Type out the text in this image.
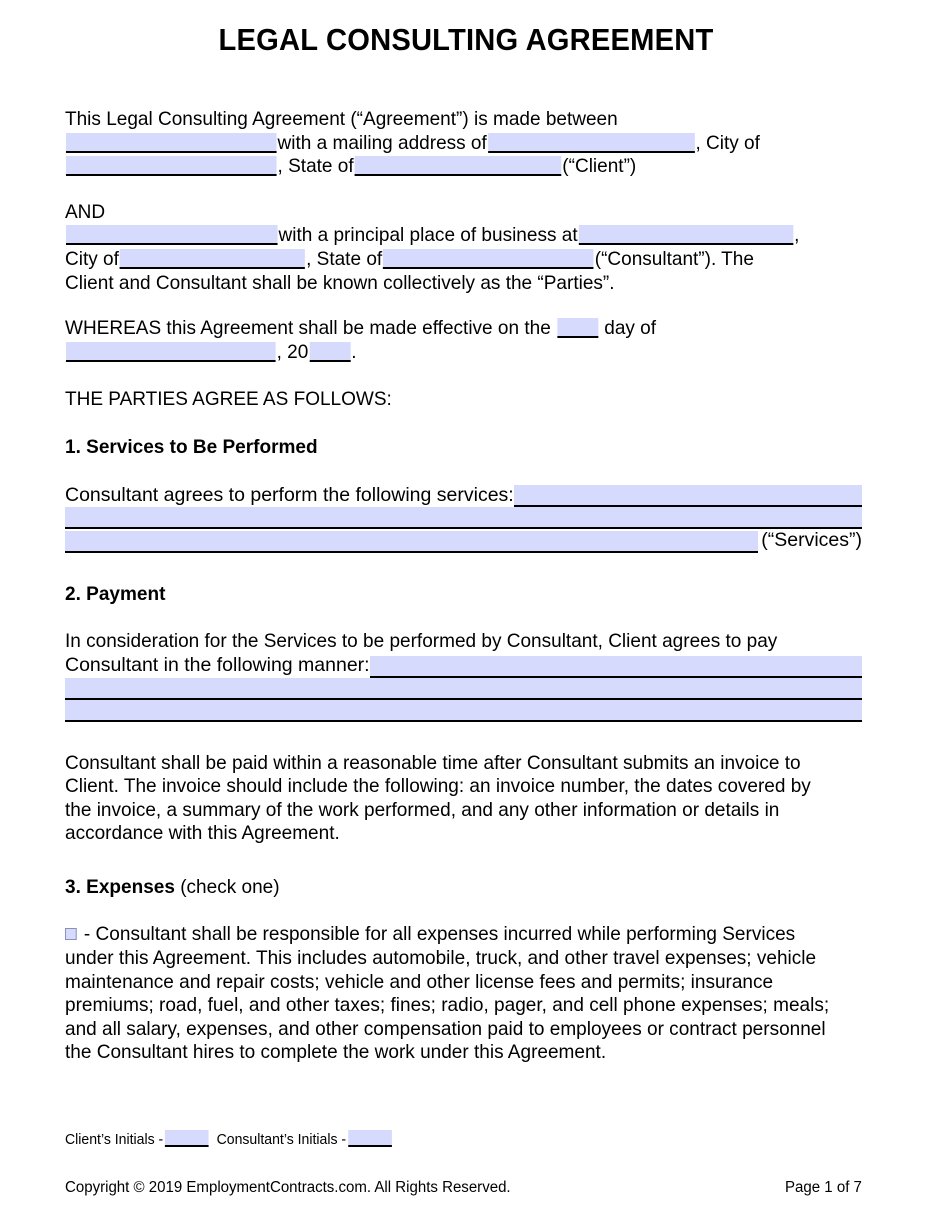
LEGAL CONSULTING AGREEMENT
This Legal Consulting Agreement (“Agreement”) is made between
with a mailing address of	, City of
, State of	(“Client”)
AND
with a principal place of business at	,
City of	, State of	(“Consultant”). The
Client and Consultant shall be known collectively as the “Parties”.
WHEREAS this Agreement shall be made effective on the	day of
, 20 .
THE PARTIES AGREE AS FOLLOWS:
1. Services to Be Performed
Consultant agrees to perform the following services:
(“Services”)
2. Payment
In consideration for the Services to be performed by Consultant, Client agrees to pay
Consultant in the following manner:
Consultant shall be paid within a reasonable time after Consultant submits an invoice to Client. The invoice should include the following: an invoice number, the dates covered by the invoice, a summary of the work performed, and any other information or details in accordance with this Agreement.
3. Expenses (check one)
- Consultant shall be responsible for all expenses incurred while performing Services under this Agreement. This includes automobile, truck, and other travel expenses; vehicle maintenance and repair costs; vehicle and other license fees and permits; insurance premiums; road, fuel, and other taxes; fines; radio, pager, and cell phone expenses; meals; and all salary, expenses, and other compensation paid to employees or contract personnel the Consultant hires to complete the work under this Agreement.
Client’s Initials -	Consultant’s Initials -
Copyright © 2019 EmploymentContracts.com. All Rights Reserved.	Page 1 of 7
